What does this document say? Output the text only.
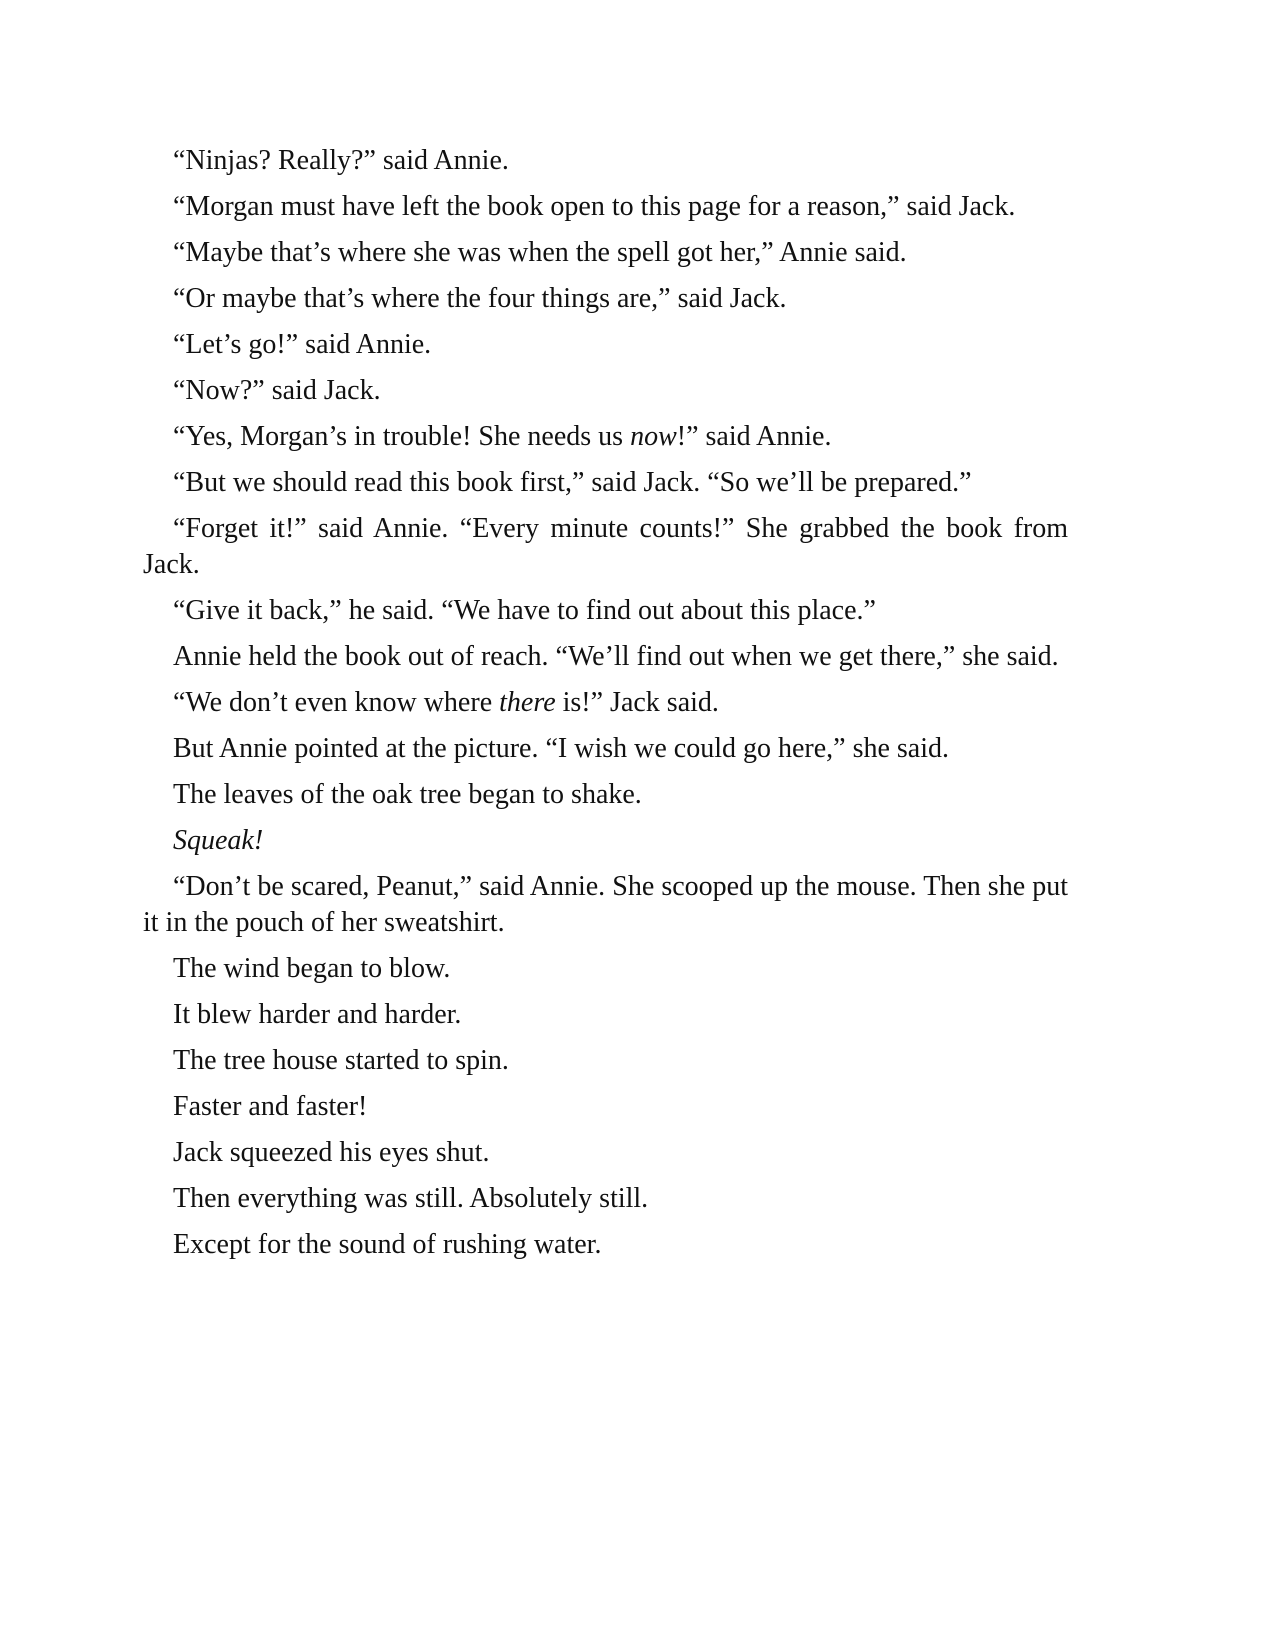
“Ninjas? Really?” said Annie.

“Morgan must have left the book open to this page for a reason,” said Jack.

“Maybe that’s where she was when the spell got her,” Annie said.

“Or maybe that’s where the four things are,” said Jack.

“Let’s go!” said Annie.

“Now?” said Jack.

“Yes, Morgan’s in trouble! She needs us now!” said Annie.

“But we should read this book first,” said Jack. “So we’ll be prepared.”

“Forget it!” said Annie. “Every minute counts!” She grabbed the book from Jack.

“Give it back,” he said. “We have to find out about this place.”

Annie held the book out of reach. “We’ll find out when we get there,” she said.

“We don’t even know where there is!” Jack said.

But Annie pointed at the picture. “I wish we could go here,” she said.

The leaves of the oak tree began to shake.

Squeak!

“Don’t be scared, Peanut,” said Annie. She scooped up the mouse. Then she put it in the pouch of her sweatshirt.

The wind began to blow.

It blew harder and harder.

The tree house started to spin.

Faster and faster!

Jack squeezed his eyes shut.

Then everything was still. Absolutely still.

Except for the sound of rushing water.
